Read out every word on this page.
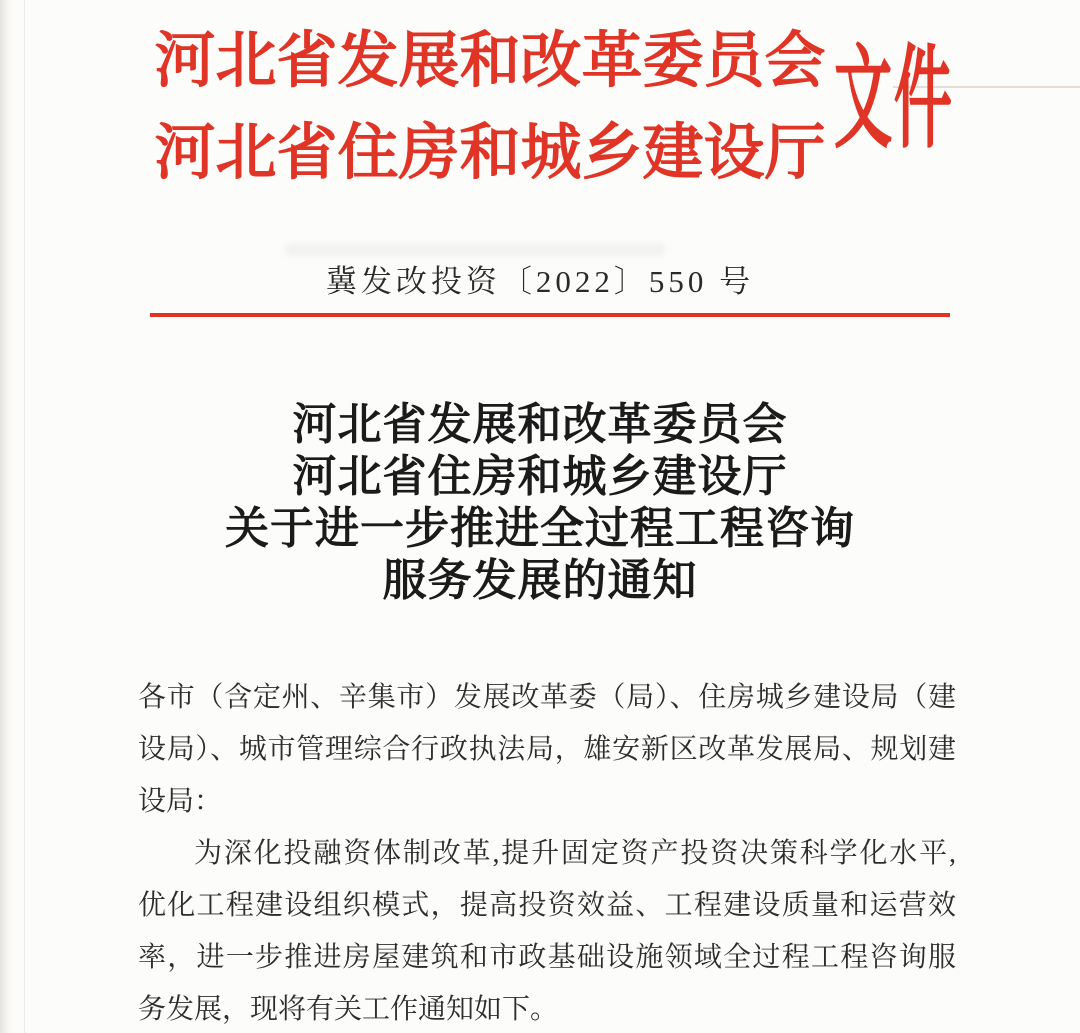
河北省发展和改革委员会
河北省住房和城乡建设厅 文件
冀发改投资〔2022〕550 号
河北省发展和改革委员会
河北省住房和城乡建设厅
关于进一步推进全过程工程咨询
服务发展的通知
各市（含定州、辛集市）发展改革委（局）、住房城乡建设局（建
设局）、城市管理综合行政执法局，雄安新区改革发展局、规划建
设局：
为深化投融资体制改革,提升固定资产投资决策科学化水平,
优化工程建设组织模式，提高投资效益、工程建设质量和运营效
率，进一步推进房屋建筑和市政基础设施领域全过程工程咨询服
务发展，现将有关工作通知如下。
